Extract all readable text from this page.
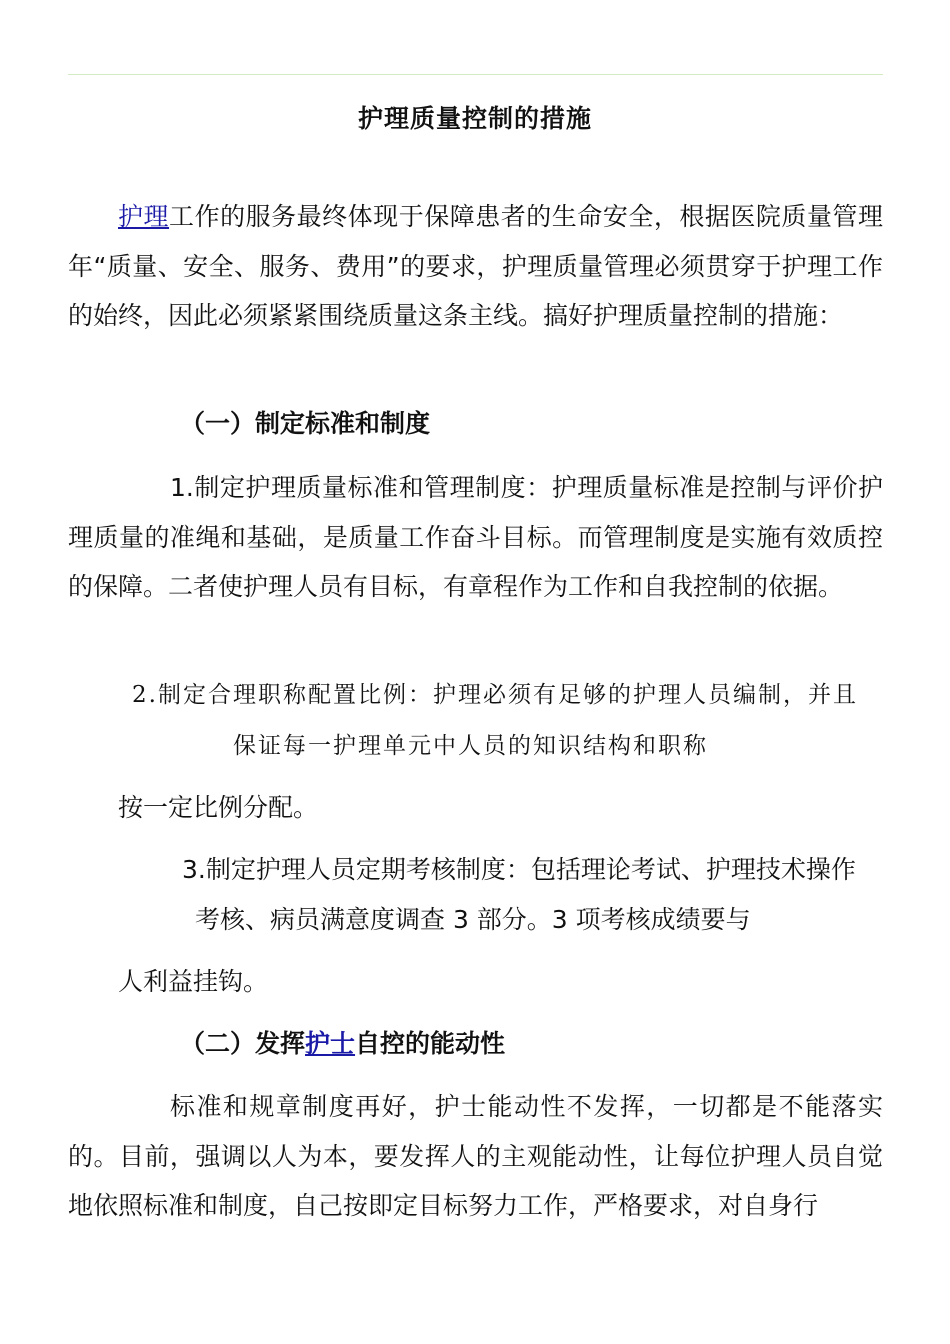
护理质量控制的措施

护理工作的服务最终体现于保障患者的生命安全，根据医院质量管理年“质量、安全、服务、费用”的要求，护理质量管理必须贯穿于护理工作的始终，因此必须紧紧围绕质量这条主线。搞好护理质量控制的措施：

（一）制定标准和制度

1.制定护理质量标准和管理制度：护理质量标准是控制与评价护理质量的准绳和基础，是质量工作奋斗目标。而管理制度是实施有效质控的保障。二者使护理人员有目标，有章程作为工作和自我控制的依据。

2.制定合理职称配置比例：护理必须有足够的护理人员编制，并且

保证每一护理单元中人员的知识结构和职称

按一定比例分配。

3.制定护理人员定期考核制度：包括理论考试、护理技术操作

考核、病员满意度调查 3 部分。3 项考核成绩要与

人利益挂钩。

（二）发挥护士自控的能动性

标准和规章制度再好，护士能动性不发挥，一切都是不能落实的。目前，强调以人为本，要发挥人的主观能动性，让每位护理人员自觉地依照标准和制度，自己按即定目标努力工作，严格要求，对自身行
